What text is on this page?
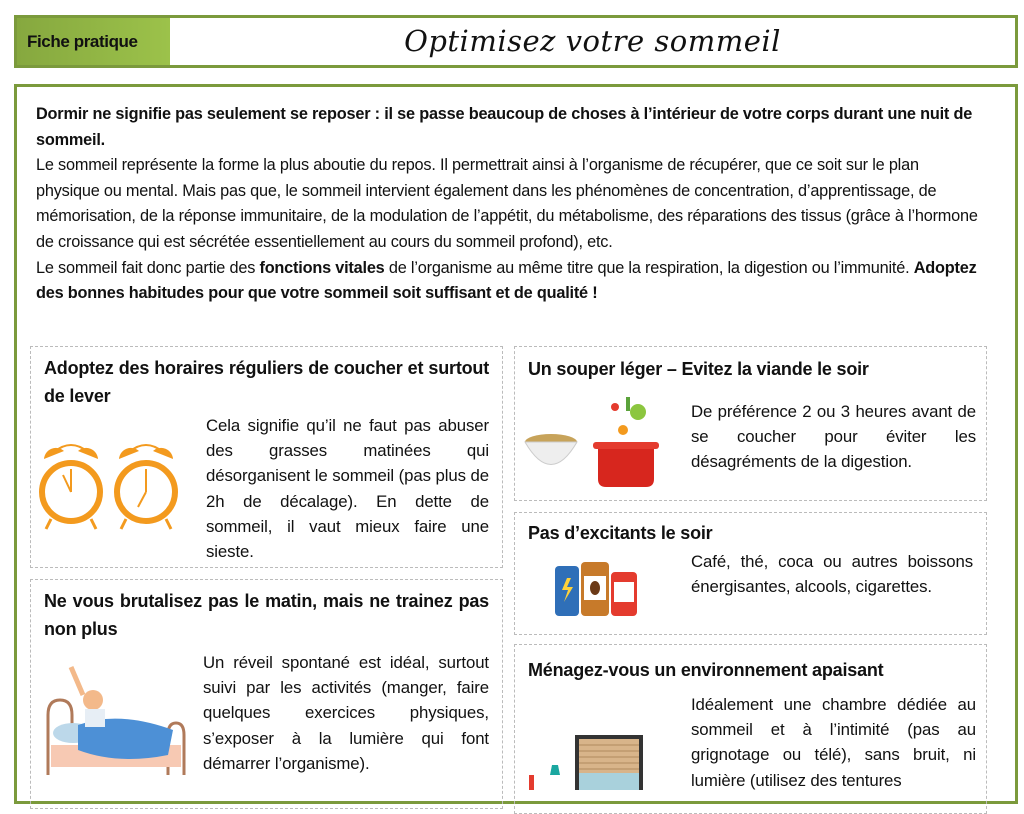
Fiche pratique	Optimisez votre sommeil

Dormir ne signifie pas seulement se reposer : il se passe beaucoup de choses à l’intérieur de votre corps durant une nuit de sommeil.

Le sommeil représente la forme la plus aboutie du repos. Il permettrait ainsi à l’organisme de récupérer, que ce soit sur le plan physique ou mental. Mais pas que, le sommeil intervient également dans les phénomènes de concentration, d’apprentissage, de mémorisation, de la réponse immunitaire, de la modulation de l’appétit, du métabolisme, des réparations des tissus (grâce à l’hormone de croissance qui est sécrétée essentiellement au cours du sommeil profond), etc.

Le sommeil fait donc partie des fonctions vitales de l’organisme au même titre que la respiration, la digestion ou l’immunité. Adoptez des bonnes habitudes pour que votre sommeil soit suffisant et de qualité !

Adoptez des horaires réguliers de coucher et surtout de lever
Cela signifie qu’il ne faut pas abuser des grasses matinées qui désorganisent le sommeil (pas plus de 2h de décalage). En dette de sommeil, il vaut mieux faire une sieste.
Ne vous brutalisez pas le matin, mais ne trainez pas non plus
Un réveil spontané est idéal, surtout suivi par les activités (manger, faire quelques exercices physiques, s’exposer à la lumière qui font démarrer l’organisme).
Un souper léger – Evitez la viande le soir
De préférence 2 ou 3 heures avant de se coucher pour éviter les désagréments de la digestion.
Pas d’excitants le soir
Café, thé, coca ou autres boissons énergisantes, alcools, cigarettes.
Ménagez-vous un environnement apaisant
Idéalement une chambre dédiée au sommeil et à l’intimité (pas au grignotage ou télé), sans bruit, ni lumière (utilisez des tentures
